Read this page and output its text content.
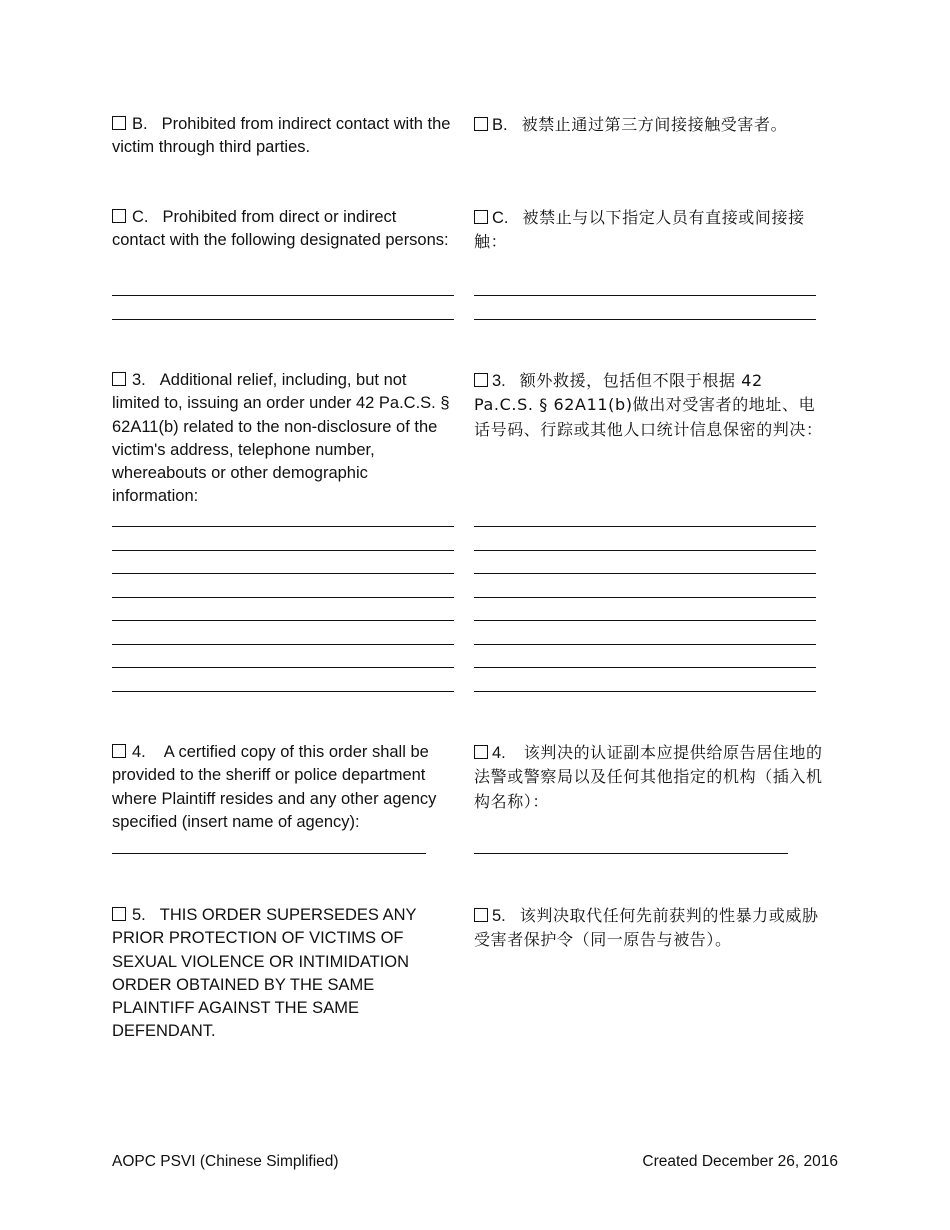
B. Prohibited from indirect contact with the victim through third parties.
B. 被禁止通过第三方间接接触受害者。
C. Prohibited from direct or indirect contact with the following designated persons:
C. 被禁止与以下指定人员有直接或间接接触：
3. Additional relief, including, but not limited to, issuing an order under 42 Pa.C.S. § 62A11(b) related to the non-disclosure of the victim's address, telephone number, whereabouts or other demographic information:
3. 额外救援，包括但不限于根据 42 Pa.C.S. § 62A11(b)做出对受害者的地址、电话号码、行踪或其他人口统计信息保密的判决：
4. A certified copy of this order shall be provided to the sheriff or police department where Plaintiff resides and any other agency specified (insert name of agency):
4. 该判决的认证副本应提供给原告居住地的法警或警察局以及任何其他指定的机构（插入机构名称）：
5. THIS ORDER SUPERSEDES ANY PRIOR PROTECTION OF VICTIMS OF SEXUAL VIOLENCE OR INTIMIDATION ORDER OBTAINED BY THE SAME PLAINTIFF AGAINST THE SAME DEFENDANT.
5. 该判决取代任何先前获判的性暴力或威胁受害者保护令（同一原告与被告）。
AOPC PSVI (Chinese Simplified)	Created December 26, 2016
